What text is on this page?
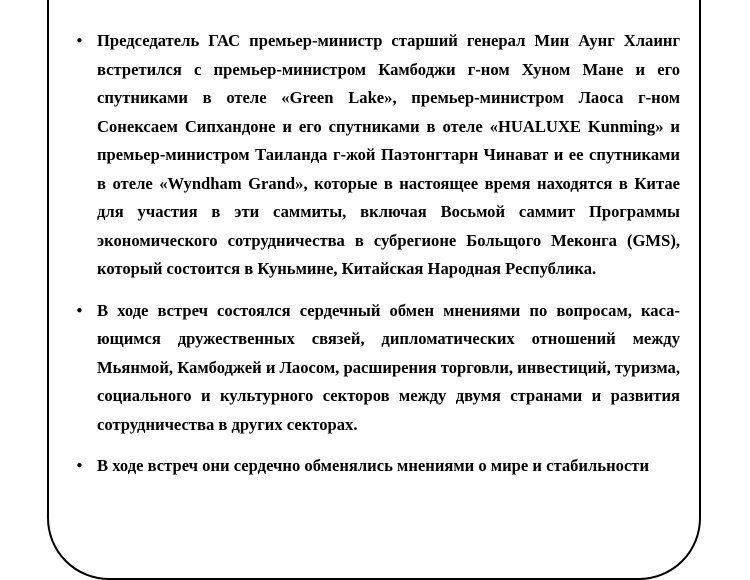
• Председатель ГАС премьер-министр старший генерал Мин Аунг Хлаинг встретился с премьер-министром Камбоджи г-ном Хуном Мане и его спутниками в отеле «Green Lake», премьер-министром Лаоса г-ном Сонексаем Сипхандоне и его спутниками в отеле «HUALUXE Kunming» и премьер-министром Таиланда г-жой Паэтонгтарн Чинават и ее спутниками в отеле «Wyndham Grand», которые в настоящее время находятся в Китае для участия в эти саммиты, включая Восьмой саммит Программы экономического сотрудничества в субрегионе Больщого Меконга (GMS), который состоится в Куньмине, Китайская Народная Республика.
• В ходе встреч состоялся сердечный обмен мнениями по вопросам, касающимся дружественных связей, дипломатических отношений между Мьянмой, Камбоджей и Лаосом, расширения торговли, инвестиций, туризма, социального и культурного секторов между двумя странами и развития сотрудничества в других секторах.
• В ходе встреч они сердечно обменялись мнениями о мире и стабильности
